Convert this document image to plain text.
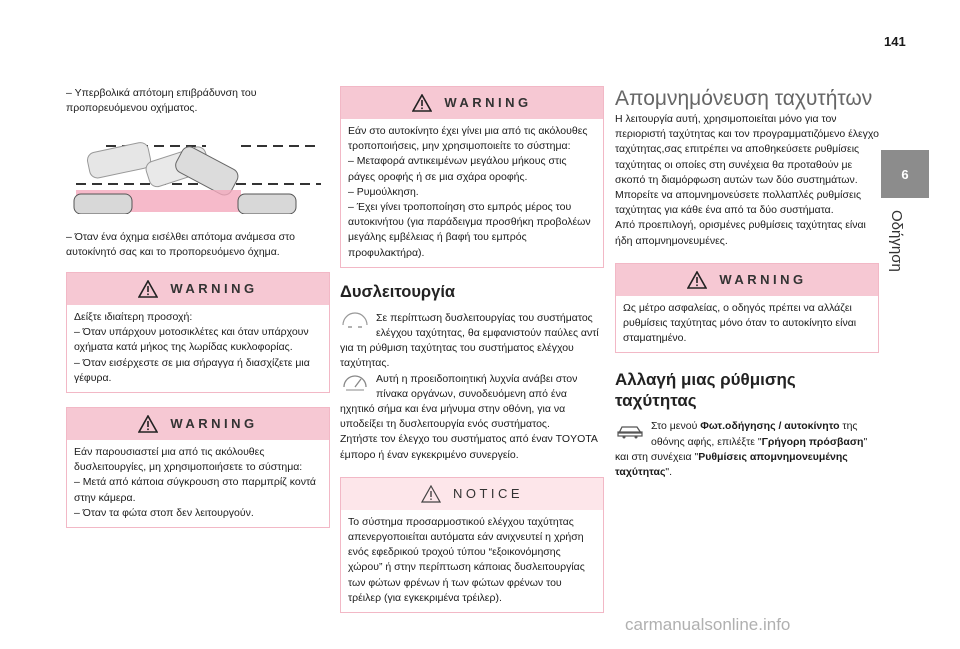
141
6
Οδήγηση

– Υπερβολικά απότομη επιβράδυνση του προπορευόμενου οχήματος.

– Όταν ένα όχημα εισέλθει απότομα ανάμεσα στο αυτοκίνητό σας και το προπορευόμενο όχημα.

WARNING

Δείξτε ιδιαίτερη προσοχή:

– Όταν υπάρχουν μοτοσικλέτες και όταν υπάρχουν οχήματα κατά μήκος της λωρίδας κυκλοφορίας.

– Όταν εισέρχεστε σε μια σήραγγα ή διασχίζετε μια γέφυρα.

WARNING

Εάν παρουσιαστεί μια από τις ακόλουθες δυσλειτουργίες, μη χρησιμοποιήσετε το σύστημα:

– Μετά από κάποια σύγκρουση στο παρμπρίζ κοντά στην κάμερα.

– Όταν τα φώτα στοπ δεν λειτουργούν.

WARNING

Εάν στο αυτοκίνητο έχει γίνει μια από τις ακόλουθες τροποποιήσεις, μην χρησιμοποιείτε το σύστημα:

– Μεταφορά αντικειμένων μεγάλου μήκους στις ράγες οροφής ή σε μια σχάρα οροφής.

– Ρυμούλκηση.

– Έχει γίνει τροποποίηση στο εμπρός μέρος του αυτοκινήτου (για παράδειγμα προσθήκη προβολέων μεγάλης εμβέλειας ή βαφή του εμπρός προφυλακτήρα).

Δυσλειτουργία

Σε περίπτωση δυσλειτουργίας του συστήματος ελέγχου ταχύτητας, θα εμφανιστούν παύλες αντί για τη ρύθμιση ταχύτητας του συστήματος ελέγχου ταχύτητας.

Αυτή η προειδοποιητική λυχνία ανάβει στον πίνακα οργάνων, συνοδευόμενη από ένα ηχητικό σήμα και ένα μήνυμα στην οθόνη, για να υποδείξει τη δυσλειτουργία ενός συστήματος.

Ζητήστε τον έλεγχο του συστήματος από έναν TOYOTA έμπορο ή έναν εγκεκριμένο συνεργείο.

NOTICE

Το σύστημα προσαρμοστικού ελέγχου ταχύτητας απενεργοποιείται αυτόματα εάν ανιχνευτεί η χρήση ενός εφεδρικού τροχού τύπου “εξοικονόμησης χώρου” ή στην περίπτωση κάποιας δυσλειτουργίας των φώτων φρένων ή των φώτων φρένων του τρέιλερ (για εγκεκριμένα τρέιλερ).

Απομνημόνευση ταχυτήτων

Η λειτουργία αυτή, χρησιμοποιείται μόνο για τον περιοριστή ταχύτητας και τον προγραμματιζόμενο έλεγχο ταχύτητας,σας επιτρέπει να αποθηκεύσετε ρυθμίσεις ταχύτητας οι οποίες στη συνέχεια θα προταθούν με σκοπό τη διαμόρφωση αυτών των δύο συστημάτων.

Μπορείτε να απομνημονεύσετε πολλαπλές ρυθμίσεις ταχύτητας για κάθε ένα από τα δύο συστήματα.

Από προεπιλογή, ορισμένες ρυθμίσεις ταχύτητας είναι ήδη απομνημονευμένες.

WARNING

Ως μέτρο ασφαλείας, ο οδηγός πρέπει να αλλάζει ρυθμίσεις ταχύτητας μόνο όταν το αυτοκίνητο είναι σταματημένο.

Αλλαγή μιας ρύθμισης ταχύτητας

Στο μενού Φωτ.οδήγησης / αυτοκίνητο της οθόνης αφής, επιλέξτε "Γρήγορη πρόσβαση" και στη συνέχεια "Ρυθμίσεις απομνημονευμένης ταχύτητας".

carmanualsonline.info
